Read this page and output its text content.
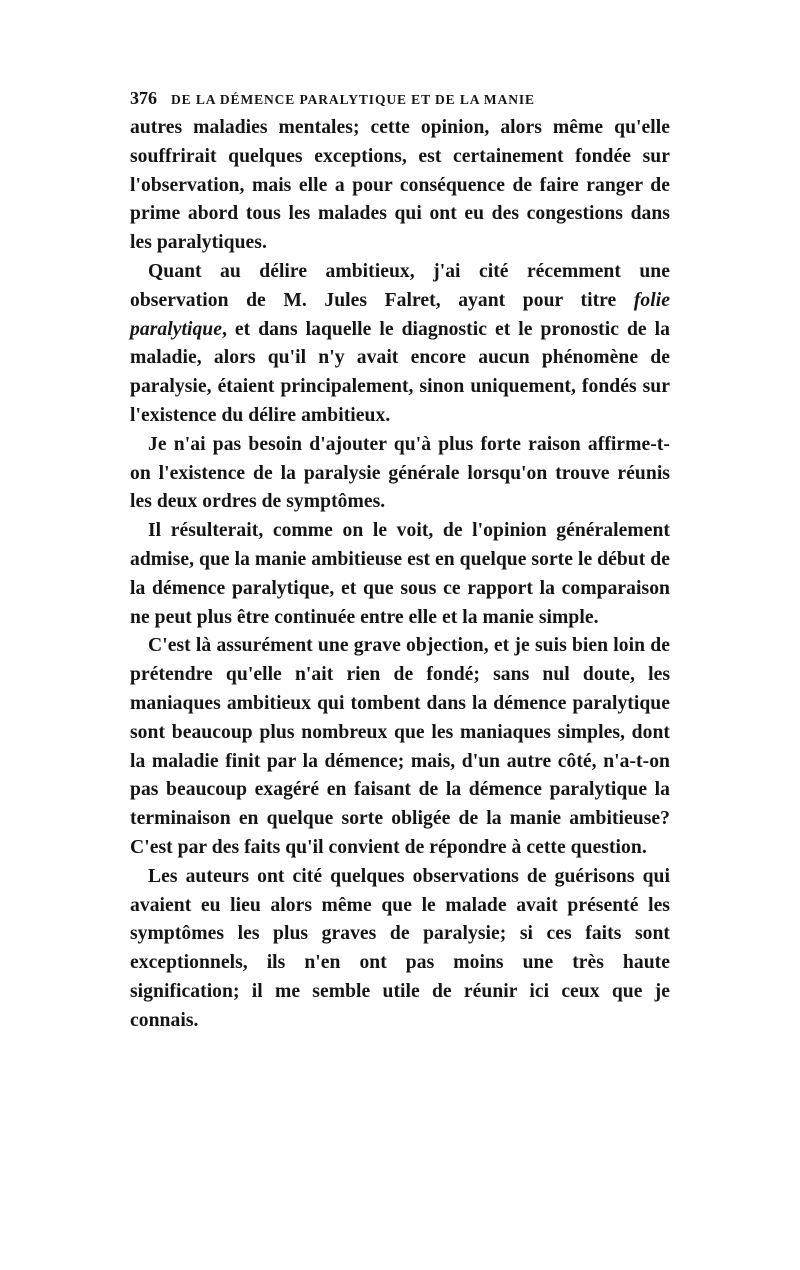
376 DE LA DÉMENCE PARALYTIQUE ET DE LA MANIE

autres maladies mentales; cette opinion, alors même qu'elle souffrirait quelques exceptions, est certainement fondée sur l'observation, mais elle a pour conséquence de faire ranger de prime abord tous les malades qui ont eu des congestions dans les paralytiques.

Quant au délire ambitieux, j'ai cité récemment une observation de M. Jules Falret, ayant pour titre folie paralytique, et dans laquelle le diagnostic et le pronostic de la maladie, alors qu'il n'y avait encore aucun phénomène de paralysie, étaient principalement, sinon uniquement, fondés sur l'existence du délire ambitieux.

Je n'ai pas besoin d'ajouter qu'à plus forte raison affirme-t-on l'existence de la paralysie générale lorsqu'on trouve réunis les deux ordres de symptômes.

Il résulterait, comme on le voit, de l'opinion généralement admise, que la manie ambitieuse est en quelque sorte le début de la démence paralytique, et que sous ce rapport la comparaison ne peut plus être continuée entre elle et la manie simple.

C'est là assurément une grave objection, et je suis bien loin de prétendre qu'elle n'ait rien de fondé; sans nul doute, les maniaques ambitieux qui tombent dans la démence paralytique sont beaucoup plus nombreux que les maniaques simples, dont la maladie finit par la démence; mais, d'un autre côté, n'a-t-on pas beaucoup exagéré en faisant de la démence paralytique la terminaison en quelque sorte obligée de la manie ambitieuse? C'est par des faits qu'il convient de répondre à cette question.

Les auteurs ont cité quelques observations de guérisons qui avaient eu lieu alors même que le malade avait présenté les symptômes les plus graves de paralysie; si ces faits sont exceptionnels, ils n'en ont pas moins une très haute signification; il me semble utile de réunir ici ceux que je connais.
